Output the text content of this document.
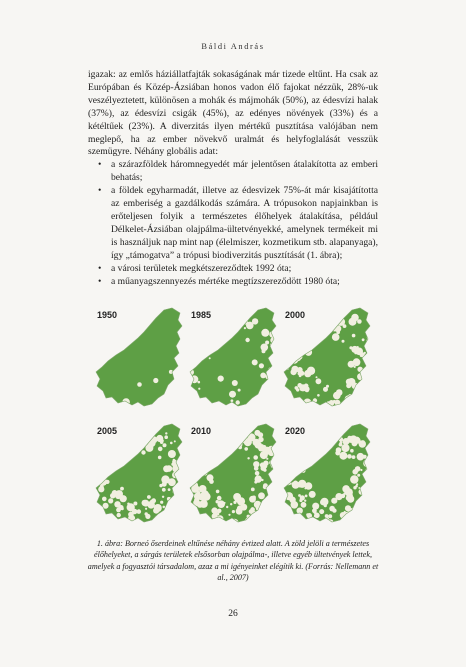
Báldi András

igazak: az emlős háziállatfajták sokaságának már tizede eltűnt. Ha csak az Európában és Közép-Ázsiában honos vadon élő fajokat nézzük, 28%-uk veszélyeztetett, különösen a mohák és májmohák (50%), az édesvízi halak (37%), az édesvízi csigák (45%), az edényes növények (33%) és a kétéltűek (23%). A diverzitás ilyen mértékű pusztítása valójában nem meglepő, ha az ember növekvő uralmát és helyfoglalását vesszük szemügyre. Néhány globális adat:

• a szárazföldek háromnegyedét már jelentősen átalakította az emberi behatás;
• a földek egyharmadát, illetve az édesvizek 75%-át már kisajátította az emberiség a gazdálkodás számára. A trópusokon napjainkban is erőteljesen folyik a természetes élőhelyek átalakítása, például Délkelet-Ázsiában olajpálma-ültetvényekké, amelynek termékeit mi is használjuk nap mint nap (élelmiszer, kozmetikum stb. alapanyaga), így „támogatva” a trópusi biodiverzitás pusztítását (1. ábra);
• a városi területek megkétszereződtek 1992 óta;
• a műanyagszennyezés mértéke megtízszereződött 1980 óta;
1950	1985	2000
2005	2010	2020
1. ábra: Borneó őserdeinek eltűnése néhány évtized alatt. A zöld jelöli a természetes élőhelyeket, a sárgás területek elsősorban olajpálma-, illetve egyéb ültetvények lettek, amelyek a fogyasztói társadalom, azaz a mi igényeinket elégítik ki. (Forrás: Nellemann et al., 2007)
26
